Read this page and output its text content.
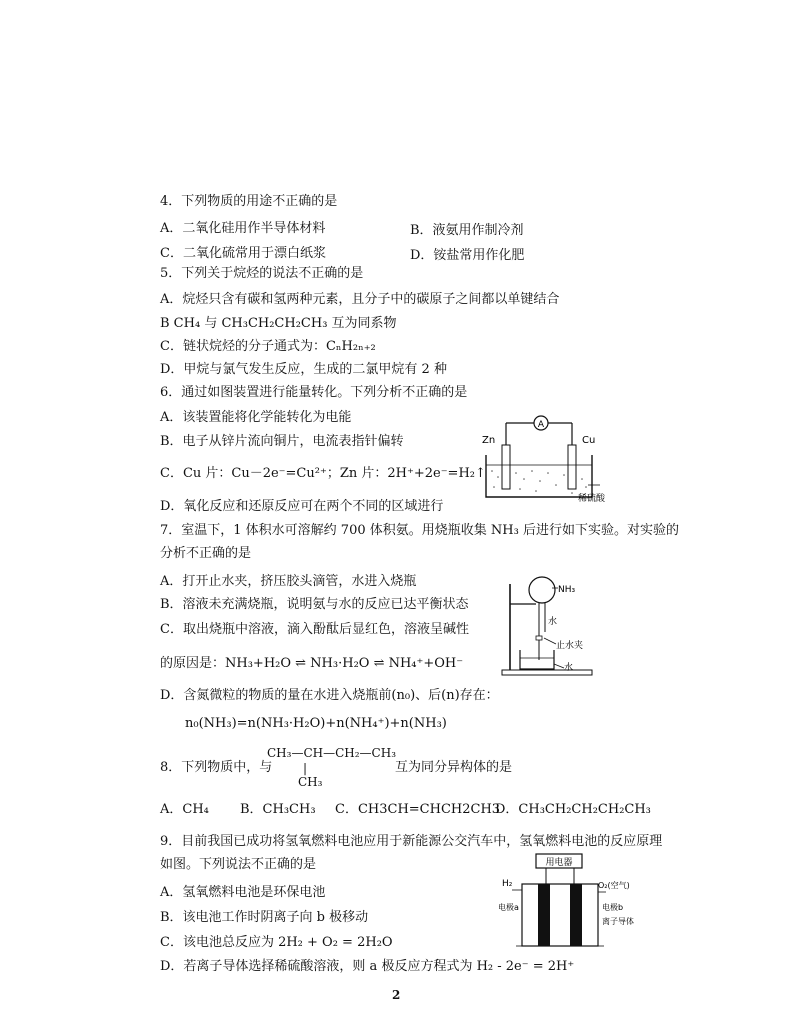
4．下列物质的用途不正确的是
A．二氧化硅用作半导体材料	B．液氨用作制冷剂
C．二氧化硫常用于漂白纸浆	D．铵盐常用作化肥
5．下列关于烷烃的说法不正确的是
A．烷烃只含有碳和氢两种元素，且分子中的碳原子之间都以单键结合
B CH₄ 与 CH₃CH₂CH₂CH₃ 互为同系物
C．链状烷烃的分子通式为：CₙH₂ₙ₊₂
D．甲烷与氯气发生反应，生成的二氯甲烷有 2 种
6．通过如图装置进行能量转化。下列分析不正确的是
A．该装置能将化学能转化为电能
B．电子从锌片流向铜片，电流表指针偏转
C．Cu 片：Cu－2e⁻=Cu²⁺；Zn 片：2H⁺+2e⁻=H₂↑
D．氧化反应和还原反应可在两个不同的区域进行
A
Zn	Cu
稀硫酸
7．室温下，1 体积水可溶解约 700 体积氨。用烧瓶收集 NH₃ 后进行如下实验。对实验的
分析不正确的是
A．打开止水夹，挤压胶头滴管，水进入烧瓶
B．溶液未充满烧瓶，说明氨与水的反应已达平衡状态
C．取出烧瓶中溶液，滴入酚酞后显红色，溶液呈碱性
的原因是：NH₃+H₂O ⇌ NH₃·H₂O ⇌ NH₄⁺+OH⁻
D．含氮微粒的物质的量在水进入烧瓶前(n₀)、后(n)存在：
n₀(NH₃)=n(NH₃·H₂O)+n(NH₄⁺)+n(NH₃)
NH₃
水
止水夹
水
8．下列物质中，与
CH₃—CH—CH₂—CH₃
|
CH₃
互为同分异构体的是
A．CH₄ B．CH₃CH₃ C．CH3CH=CHCH2CH3
D．CH₃CH₂CH₂CH₂CH₃
9．目前我国已成功将氢氧燃料电池应用于新能源公交汽车中，氢氧燃料电池的反应原理
如图。下列说法不正确的是
A．氢氧燃料电池是环保电池
B．该电池工作时阴离子向 b 极移动
C．该电池总反应为 2H₂ + O₂ = 2H₂O
D．若离子导体选择稀硫酸溶液，则 a 极反应方程式为 H₂ - 2e⁻ = 2H⁺
用电器
H₂	O₂(空气)
电极a	电极b
离子导体
2
